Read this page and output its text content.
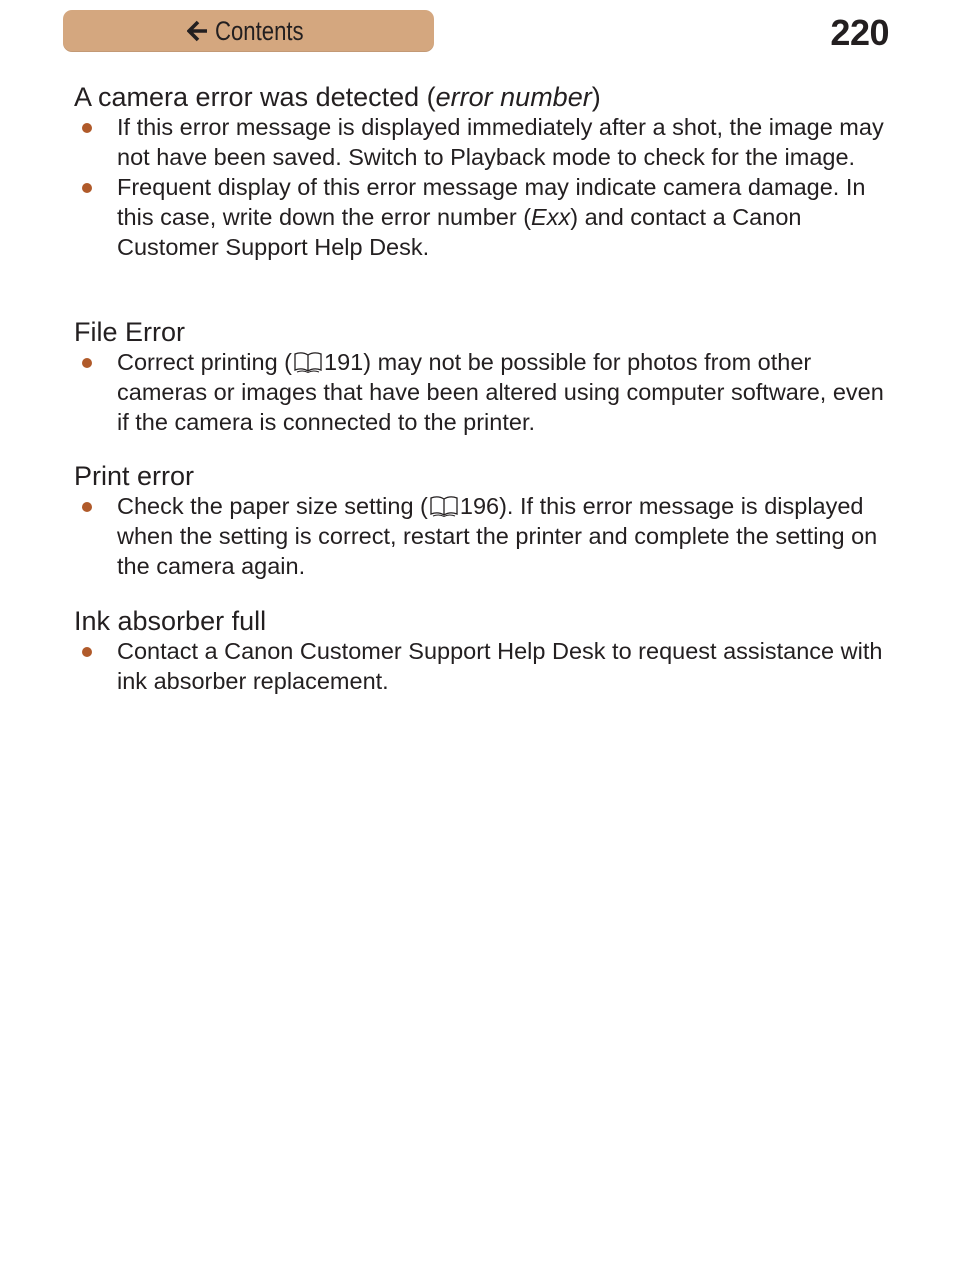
Contents	220
A camera error was detected (error number)
If this error message is displayed immediately after a shot, the image may not have been saved. Switch to Playback mode to check for the image.
Frequent display of this error message may indicate camera damage. In this case, write down the error number (Exx) and contact a Canon Customer Support Help Desk.
File Error
Correct printing ( 191) may not be possible for photos from other cameras or images that have been altered using computer software, even if the camera is connected to the printer.
Print error
Check the paper size setting ( 196). If this error message is displayed when the setting is correct, restart the printer and complete the setting on the camera again.
Ink absorber full
Contact a Canon Customer Support Help Desk to request assistance with ink absorber replacement.
